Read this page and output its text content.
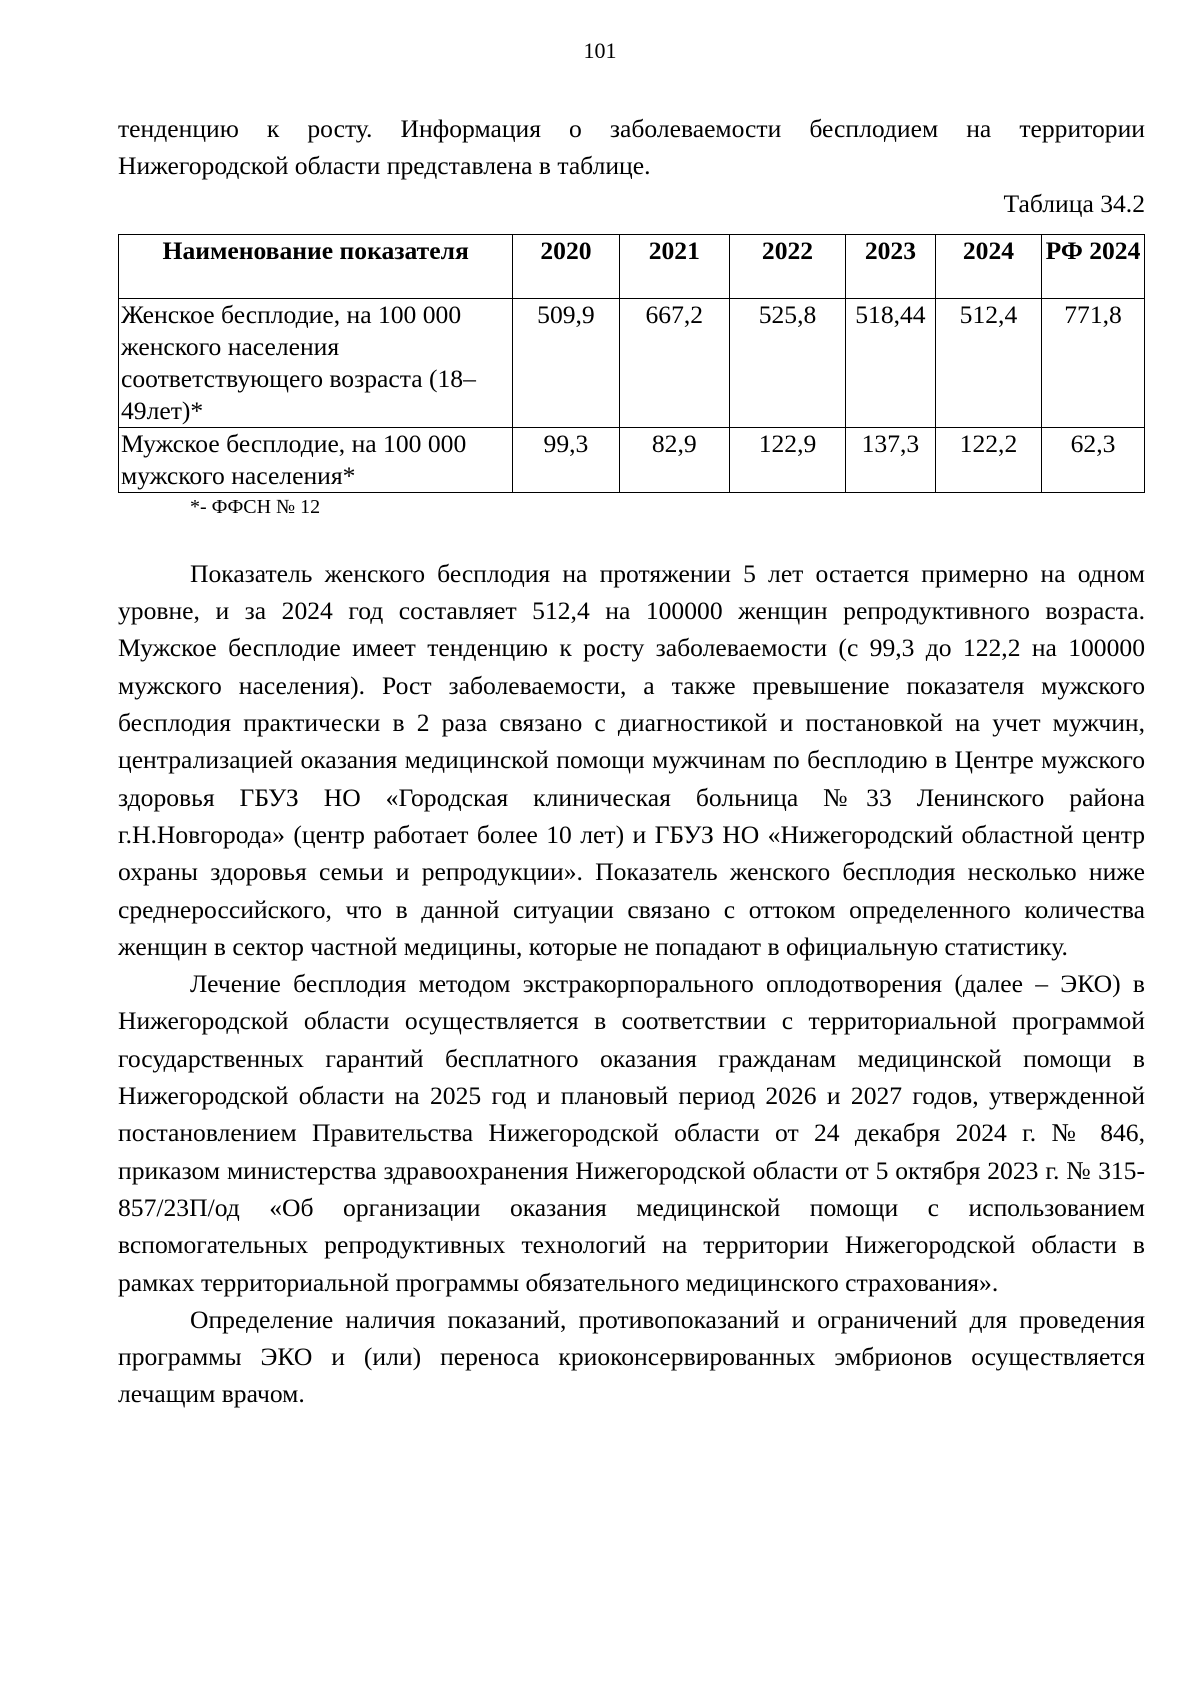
101

тенденцию к росту. Информация о заболеваемости бесплодием на территории Нижегородской области представлена в таблице.

Таблица 34.2
Наименование показателя	2020	2021	2022	2023	2024	РФ 2024
Женское бесплодие, на 100 000 женского населения соответствующего возраста (18–49лет)*	509,9	667,2	525,8	518,44	512,4	771,8
Мужское бесплодие, на 100 000 мужского населения*	99,3	82,9	122,9	137,3	122,2	62,3
*- ФФСН № 12

Показатель женского бесплодия на протяжении 5 лет остается примерно на одном уровне, и за 2024 год составляет 512,4 на 100000 женщин репродуктивного возраста. Мужское бесплодие имеет тенденцию к росту заболеваемости (с 99,3 до 122,2 на 100000 мужского населения). Рост заболеваемости, а также превышение показателя мужского бесплодия практически в 2 раза связано с диагностикой и постановкой на учет мужчин, централизацией оказания медицинской помощи мужчинам по бесплодию в Центре мужского здоровья ГБУЗ НО «Городская клиническая больница №33 Ленинского района г.Н.Новгорода» (центр работает более 10 лет) и ГБУЗ НО «Нижегородский областной центр охраны здоровья семьи и репродукции». Показатель женского бесплодия несколько ниже среднероссийского, что в данной ситуации связано с оттоком определенного количества женщин в сектор частной медицины, которые не попадают в официальную статистику.

Лечение бесплодия методом экстракорпорального оплодотворения (далее – ЭКО) в Нижегородской области осуществляется в соответствии с территориальной программой государственных гарантий бесплатного оказания гражданам медицинской помощи в Нижегородской области на 2025 год и плановый период 2026 и 2027 годов, утвержденной постановлением Правительства Нижегородской области от 24 декабря 2024 г. № 846, приказом министерства здравоохранения Нижегородской области от 5 октября 2023 г. № 315-857/23П/од «Об организации оказания медицинской помощи с использованием вспомогательных репродуктивных технологий на территории Нижегородской области в рамках территориальной программы обязательного медицинского страхования».

Определение наличия показаний, противопоказаний и ограничений для проведения программы ЭКО и (или) переноса криоконсервированных эмбрионов осуществляется лечащим врачом.
